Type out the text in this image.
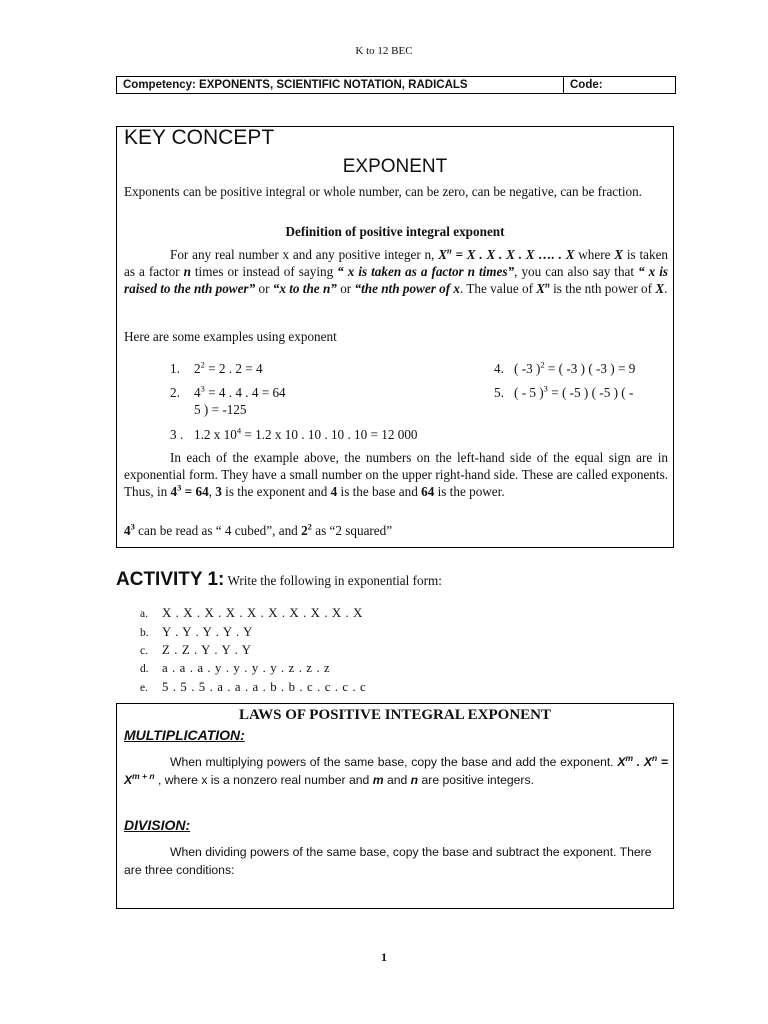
K to 12 BEC
Competency: EXPONENTS, SCIENTIFIC NOTATION, RADICALS	Code:
KEY CONCEPT
EXPONENT
Exponents can be positive integral or whole number, can be zero, can be negative, can be fraction.
Definition of positive integral exponent
For any real number x and any positive integer n, $X^n = X$ . X . X . X …. . X where X is taken as a factor n times or instead of saying “ x is taken as a factor n times”, you can also say that “ x is raised to the nth power” or “x to the n” or “the nth power of x. The value of $X^n$ is the nth power of X.
Here are some examples using exponent
1. $2^2 = 2$ . 2 = 4
2. $4^3 = 4$ . 4 . 4 = 64
5 ) = -125
3 . 1.2 x $10^4 = 1.2$ x 10 . 10 . 10 . 10 = 12 000
4. ( -3 )$^2$ = ( -3 ) ( -3 ) = 9
5. ( - 5 )$^3$ = ( -5 ) ( -5 ) ( -
In each of the example above, the numbers on the left-hand side of the equal sign are in exponential form. They have a small number on the upper right-hand side. These are called exponents. Thus, in $4^3 = 64$, 3 is the exponent and 4 is the base and 64 is the power.
$4^3$ can be read as “ 4 cubed”, and $2^2$ as “2 squared”
ACTIVITY 1: Write the following in exponential form:
a. X . X . X . X . X . X . X . X . X . X
b. Y . Y . Y . Y . Y
c. Z . Z . Y . Y . Y
d. a . a . a . y . y . y . y . z . z . z
e. 5 . 5 . 5 . a . a . a . b . b . c . c . c . c
LAWS OF POSITIVE INTEGRAL EXPONENT
MULTIPLICATION:
When multiplying powers of the same base, copy the base and add the exponent. $X^m$ . $X^n = X^{m + n}$ , where x is a nonzero real number and m and n are positive integers.
DIVISION:
When dividing powers of the same base, copy the base and subtract the exponent. There are three conditions:
1
